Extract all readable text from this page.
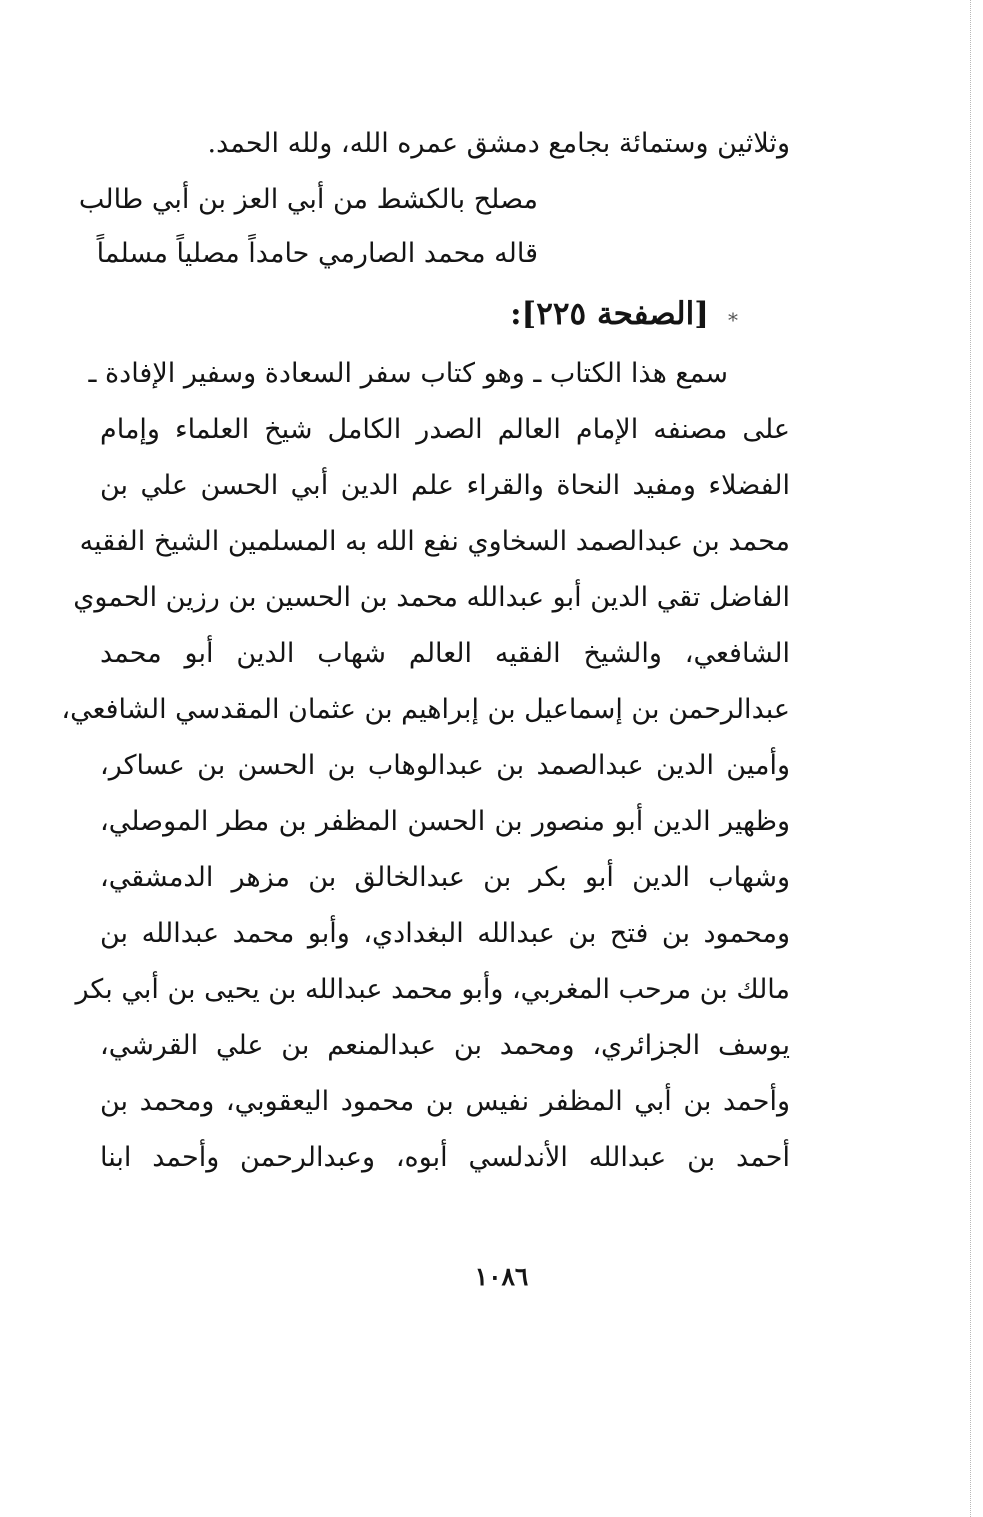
وثلاثين وستمائة بجامع دمشق عمره الله، ولله الحمد.
مصلح بالكشط من أبي العز بن أبي طالب
قاله محمد الصارمي حامداً مصلياً مسلماً
* [الصفحة ٢٢٥]:
سمع هذا الكتاب ـ وهو كتاب سفر السعادة وسفير الإفادة ـ
على مصنفه الإمام العالم الصدر الكامل شيخ العلماء وإمام
الفضلاء ومفيد النحاة والقراء علم الدين أبي الحسن علي بن
محمد بن عبدالصمد السخاوي نفع الله به المسلمين الشيخ الفقيه
الفاضل تقي الدين أبو عبدالله محمد بن الحسين بن رزين الحموي
الشافعي، والشيخ الفقيه العالم شهاب الدين أبو محمد
عبدالرحمن بن إسماعيل بن إبراهيم بن عثمان المقدسي الشافعي،
وأمين الدين عبدالصمد بن عبدالوهاب بن الحسن بن عساكر،
وظهير الدين أبو منصور بن الحسن المظفر بن مطر الموصلي،
وشهاب الدين أبو بكر بن عبدالخالق بن مزهر الدمشقي،
ومحمود بن فتح بن عبدالله البغدادي، وأبو محمد عبدالله بن
مالك بن مرحب المغربي، وأبو محمد عبدالله بن يحيى بن أبي بكر
يوسف الجزائري، ومحمد بن عبدالمنعم بن علي القرشي،
وأحمد بن أبي المظفر نفيس بن محمود اليعقوبي، ومحمد بن
أحمد بن عبدالله الأندلسي أبوه، وعبدالرحمن وأحمد ابنا
١٠٨٦
